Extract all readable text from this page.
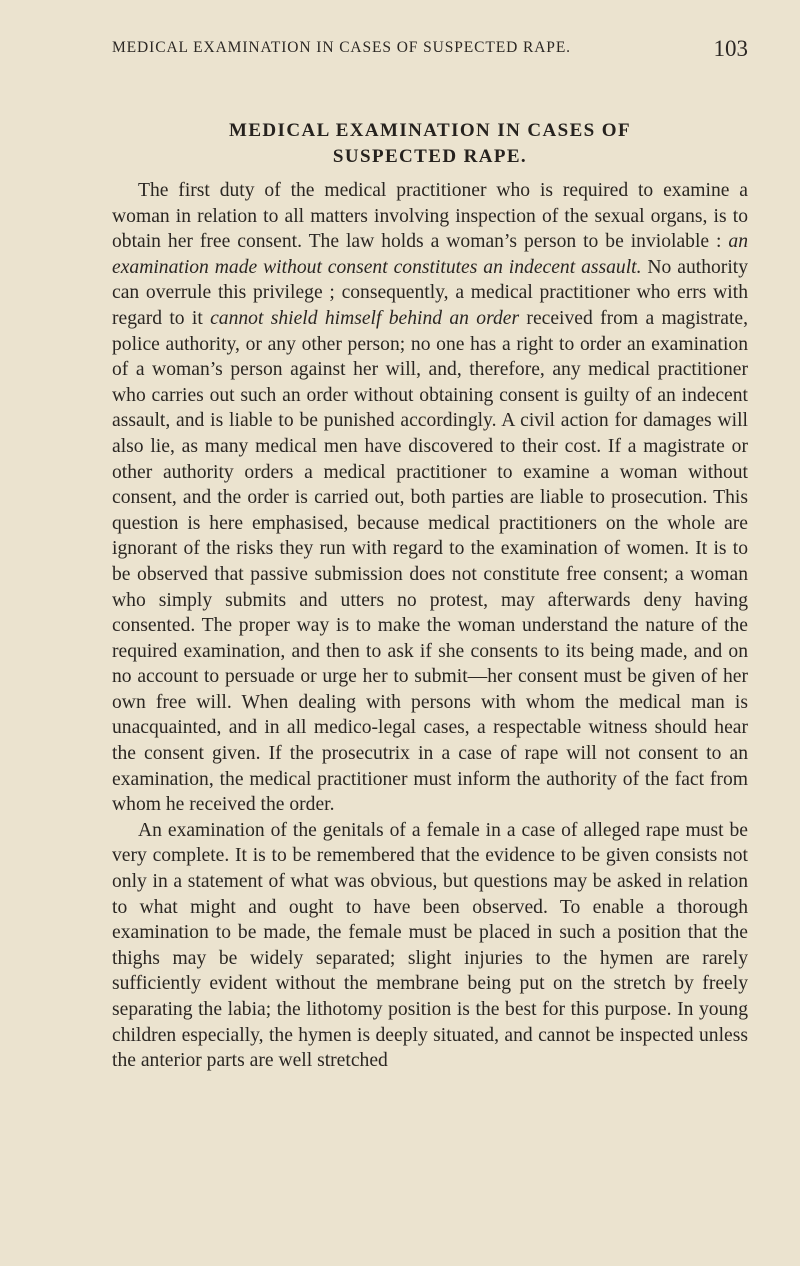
MEDICAL EXAMINATION IN CASES OF SUSPECTED RAPE.	103
MEDICAL EXAMINATION IN CASES OF
SUSPECTED RAPE.

The first duty of the medical practitioner who is required to examine a woman in relation to all matters involving inspection of the sexual organs, is to obtain her free consent. The law holds a woman’s person to be inviolable : an examination made without consent constitutes an indecent assault. No authority can overrule this privilege ; consequently, a medical practitioner who errs with regard to it cannot shield himself behind an order received from a magistrate, police authority, or any other person; no one has a right to order an examination of a woman’s person against her will, and, therefore, any medical practitioner who carries out such an order without obtaining consent is guilty of an indecent assault, and is liable to be punished accordingly. A civil action for damages will also lie, as many medical men have discovered to their cost. If a magistrate or other authority orders a medical practitioner to examine a woman without consent, and the order is carried out, both parties are liable to prosecution. This question is here emphasised, because medical practitioners on the whole are ignorant of the risks they run with regard to the examination of women. It is to be observed that passive submission does not constitute free consent; a woman who simply submits and utters no protest, may afterwards deny having consented. The proper way is to make the woman understand the nature of the required examination, and then to ask if she consents to its being made, and on no account to persuade or urge her to submit—her consent must be given of her own free will. When dealing with persons with whom the medical man is unacquainted, and in all medico-legal cases, a respectable witness should hear the consent given. If the prosecutrix in a case of rape will not consent to an examination, the medical practitioner must inform the authority of the fact from whom he received the order.

An examination of the genitals of a female in a case of alleged rape must be very complete. It is to be remembered that the evidence to be given consists not only in a statement of what was obvious, but questions may be asked in relation to what might and ought to have been observed. To enable a thorough examination to be made, the female must be placed in such a position that the thighs may be widely separated; slight injuries to the hymen are rarely sufficiently evident without the membrane being put on the stretch by freely separating the labia; the lithotomy position is the best for this purpose. In young children especially, the hymen is deeply situated, and cannot be inspected unless the anterior parts are well stretched
